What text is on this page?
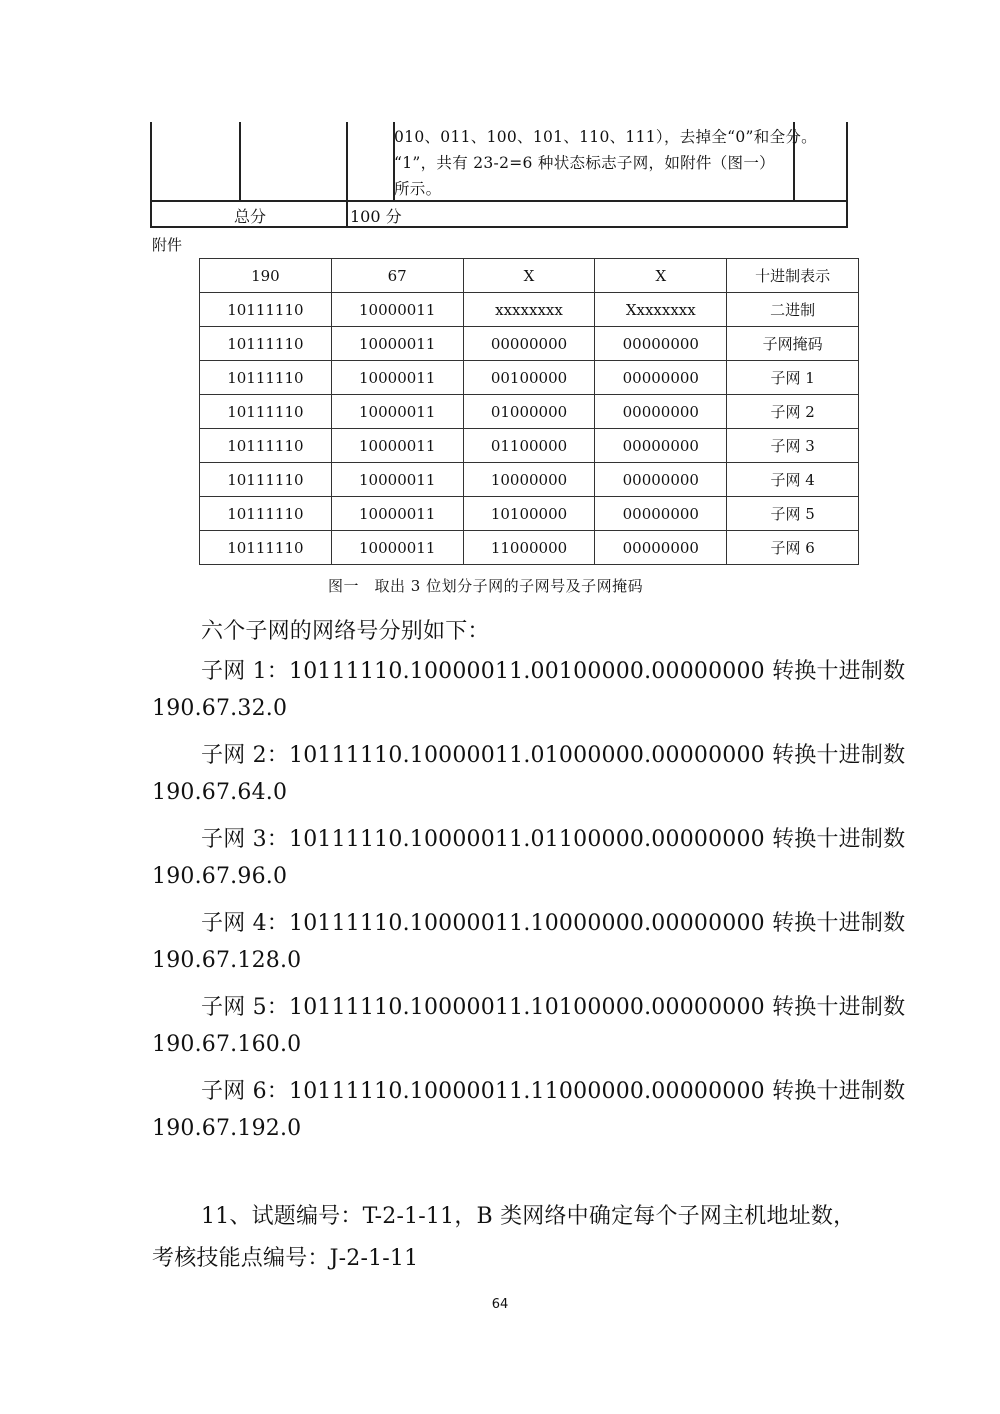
010、011、100、101、110、111），去掉全“0”和全分。
“1”，共有 23-2=6 种状态标志子网，如附件（图一）
所示。
总分	100 分
附件
190	67	X	X	十进制表示
10111110	10000011	xxxxxxxx	Xxxxxxxx	二进制
10111110	10000011	00000000	00000000	子网掩码
10111110	10000011	00100000	00000000	子网 1
10111110	10000011	01000000	00000000	子网 2
10111110	10000011	01100000	00000000	子网 3
10111110	10000011	10000000	00000000	子网 4
10111110	10000011	10100000	00000000	子网 5
10111110	10000011	11000000	00000000	子网 6
图一　取出 3 位划分子网的子网号及子网掩码
六个子网的网络号分别如下：
子网 1：10111110.10000011.00100000.00000000 转换十进制数
190.67.32.0
子网 2：10111110.10000011.01000000.00000000 转换十进制数
190.67.64.0
子网 3：10111110.10000011.01100000.00000000 转换十进制数
190.67.96.0
子网 4：10111110.10000011.10000000.00000000 转换十进制数
190.67.128.0
子网 5：10111110.10000011.10100000.00000000 转换十进制数
190.67.160.0
子网 6：10111110.10000011.11000000.00000000 转换十进制数
190.67.192.0
11、试题编号：T-2-1-11，B 类网络中确定每个子网主机地址数，
考核技能点编号：J-2-1-11
64
